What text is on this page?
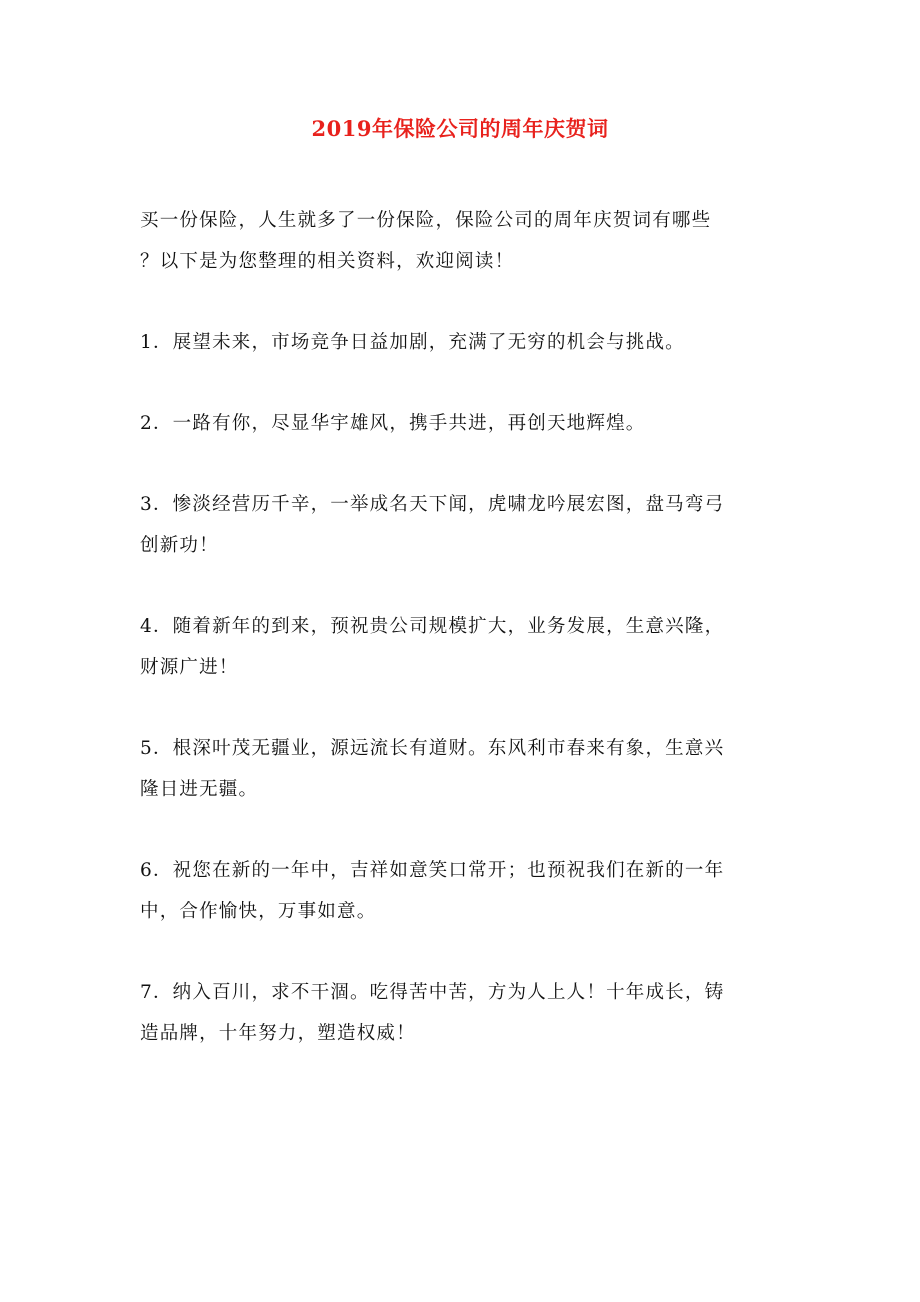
2019年保险公司的周年庆贺词

买一份保险，人生就多了一份保险，保险公司的周年庆贺词有哪些
？以下是为您整理的相关资料，欢迎阅读！

1．展望未来，市场竞争日益加剧，充满了无穷的机会与挑战。

2．一路有你，尽显华宇雄风，携手共进，再创天地辉煌。

3．惨淡经营历千辛，一举成名天下闻，虎啸龙吟展宏图，盘马弯弓
创新功！

4．随着新年的到来，预祝贵公司规模扩大，业务发展，生意兴隆，
财源广进！

5．根深叶茂无疆业，源远流长有道财。东风利市春来有象，生意兴
隆日进无疆。

6．祝您在新的一年中，吉祥如意笑口常开；也预祝我们在新的一年
中，合作愉快，万事如意。

7．纳入百川，求不干涸。吃得苦中苦，方为人上人！十年成长，铸
造品牌，十年努力，塑造权威！
